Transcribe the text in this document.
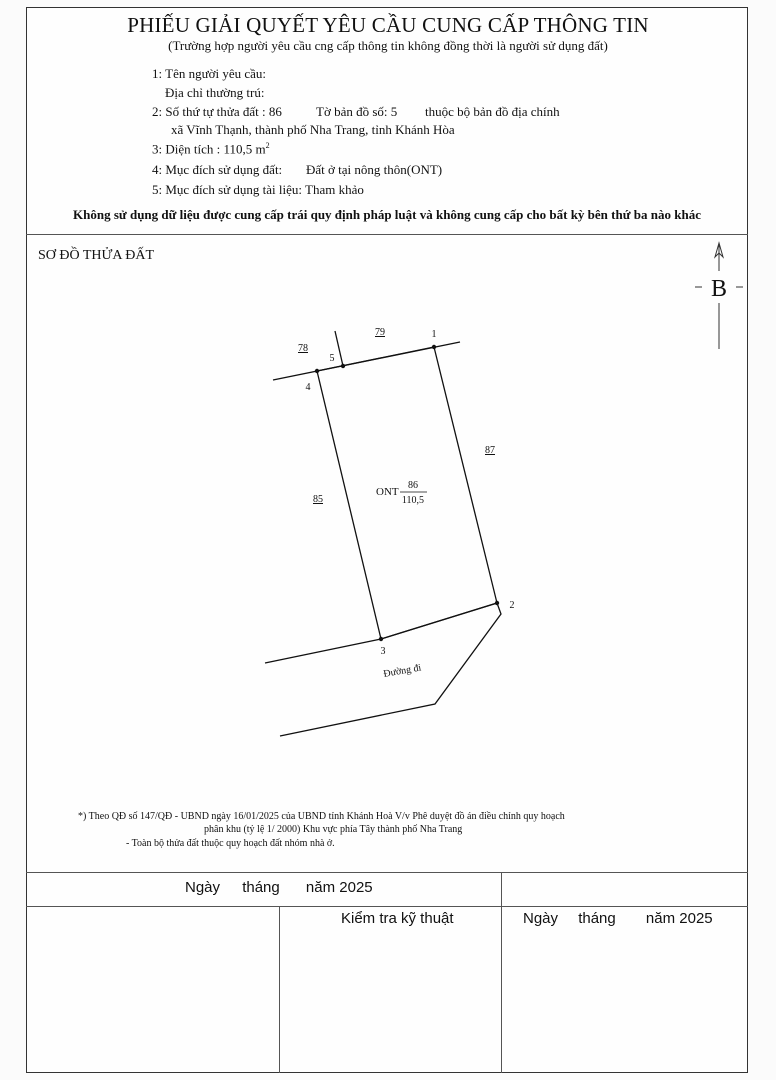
PHIẾU GIẢI QUYẾT YÊU CẦU CUNG CẤP THÔNG TIN
(Trường hợp người yêu cầu cng cấp thông tin không đồng thời là người sử dụng đất)
1: Tên người yêu cầu:
Địa chỉ thường trú:
2: Số thứ tự thửa đất : 86	Tờ bản đồ số: 5 thuộc bộ bản đồ địa chính
xã Vĩnh Thạnh, thành phố Nha Trang, tỉnh Khánh Hòa
3: Diện tích : 110,5 $m^2$
4: Mục đích sử dụng đất: Đất ở tại nông thôn(ONT)
5: Mục đích sử dụng tài liệu: Tham khảo
Không sử dụng dữ liệu được cung cấp trái quy định pháp luật và không cung cấp cho bất kỳ bên thứ ba nào khác
SƠ ĐỒ THỬA ĐẤT
B
78
79
85
87
1
2
3
4
5
ONT
86
110,5
Đường đi
*) Theo QĐ số 147/QĐ - UBND ngày 16/01/2025 của UBND tỉnh Khánh Hoà V/v Phê duyệt đồ án điều chỉnh quy hoạch
phân khu (tỷ lệ 1/ 2000) Khu vực phía Tây thành phố Nha Trang
- Toàn bộ thửa đất thuộc quy hoạch đất nhóm nhà ở.
Ngày tháng năm 2025
Kiểm tra kỹ thuật	Ngày tháng năm 2025
